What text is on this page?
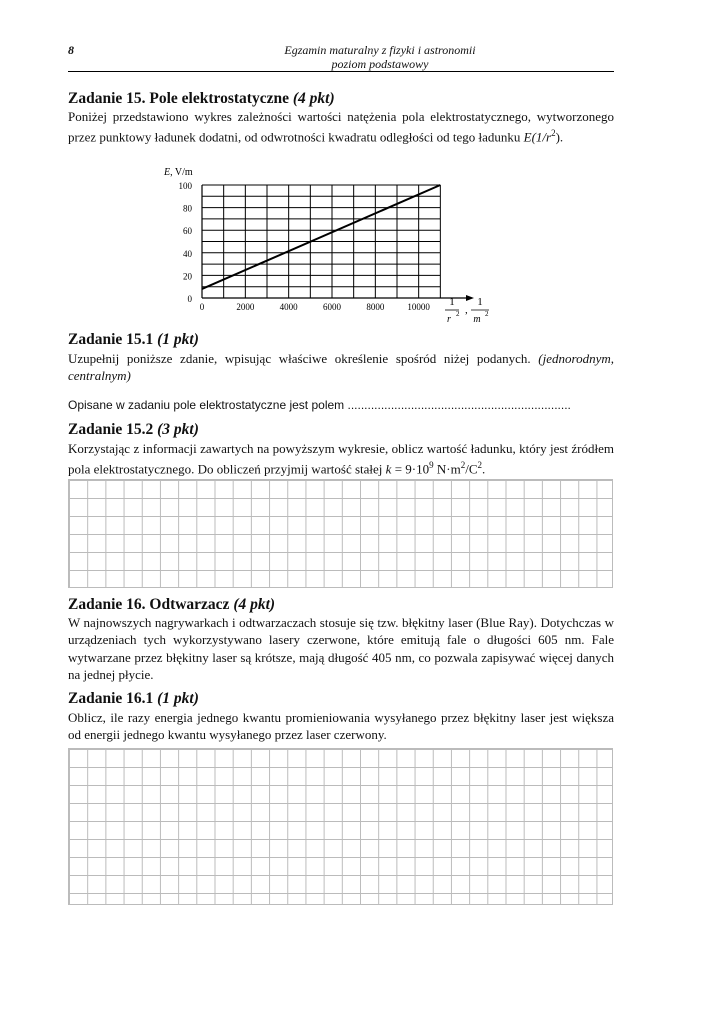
8	Egzamin maturalny z fizyki i astronomii
poziom podstawowy
Zadanie 15. Pole elektrostatyczne (4 pkt)
Poniżej przedstawiono wykres zależności wartości natężenia pola elektrostatycznego, wytworzonego przez punktowy ładunek dodatni, od odwrotności kwadratu odległości od tego ładunku $E(1/r^2)$.
0
20
40
60
80
100
0	2000	4000	6000	8000	10000
E, V/m
1
r 2 ,
1
m 2
Zadanie 15.1 (1 pkt)
Uzupełnij poniższe zdanie, wpisując właściwe określenie spośród niżej podanych. (jednorodnym, centralnym)
Opisane w zadaniu pole elektrostatyczne jest polem ...................................................................
Zadanie 15.2 (3 pkt)
Korzystając z informacji zawartych na powyższym wykresie, oblicz wartość ładunku, który jest źródłem pola elektrostatycznego. Do obliczeń przyjmij wartość stałej $k = 9\cdot 10^9$ $N\cdot m^2/C^2$.
Zadanie 16. Odtwarzacz (4 pkt)
W najnowszych nagrywarkach i odtwarzaczach stosuje się tzw. błękitny laser (Blue Ray). Dotychczas w urządzeniach tych wykorzystywano lasery czerwone, które emitują fale o długości 605 nm. Fale wytwarzane przez błękitny laser są krótsze, mają długość 405 nm, co pozwala zapisywać więcej danych na jednej płycie.
Zadanie 16.1 (1 pkt)
Oblicz, ile razy energia jednego kwantu promieniowania wysyłanego przez błękitny laser jest większa od energii jednego kwantu wysyłanego przez laser czerwony.
